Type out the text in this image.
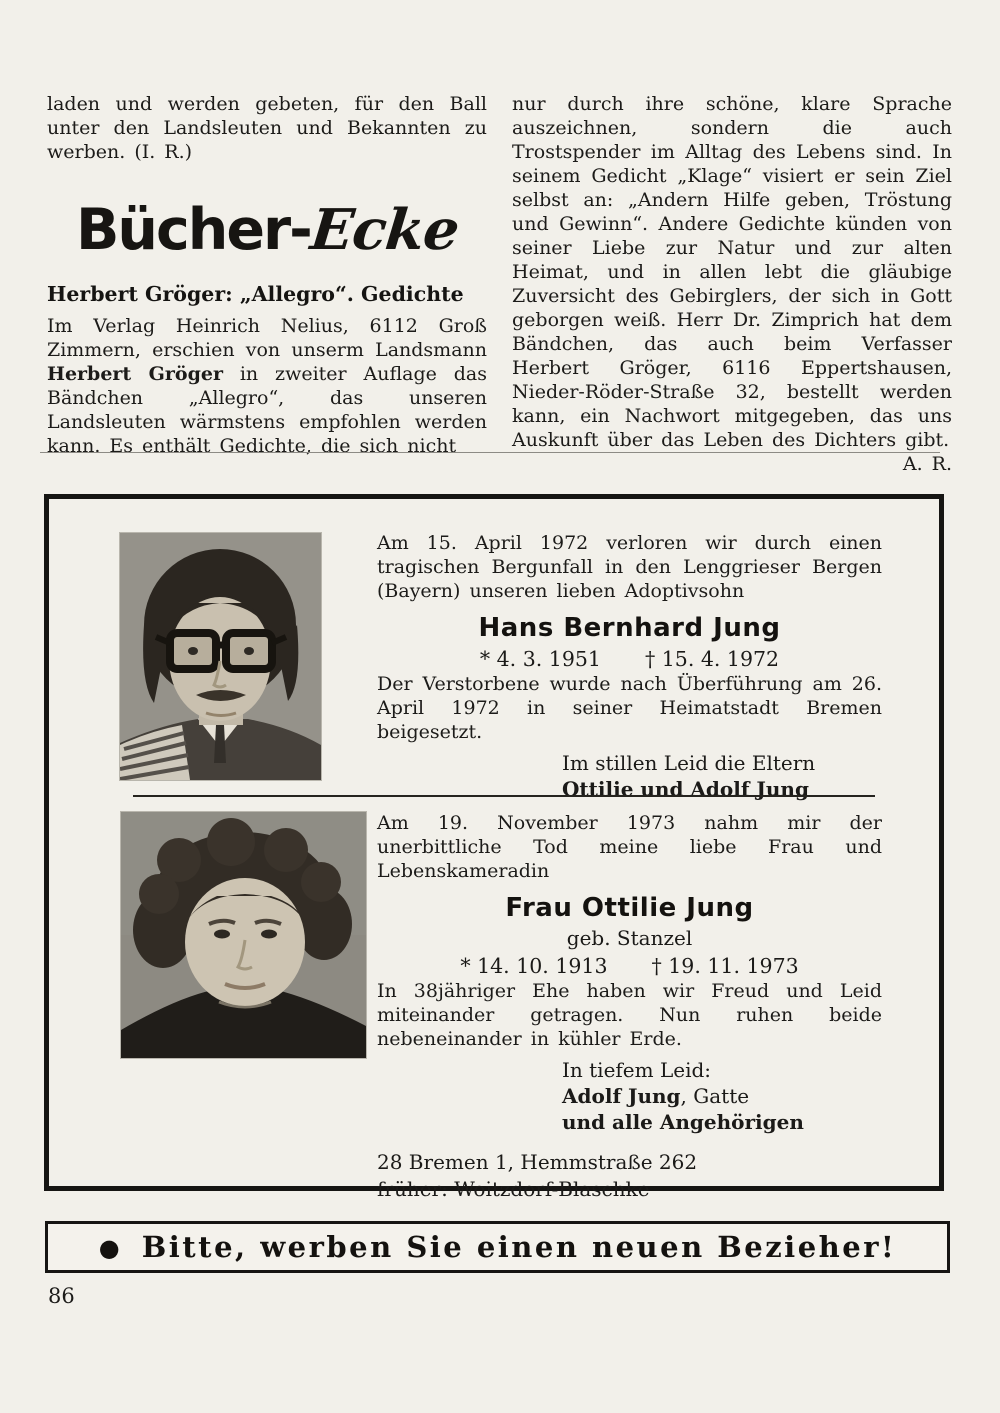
laden und werden gebeten, für den Ball unter den Landsleuten und Bekannten zu werben. (I. R.)

Bücher-Ecke
Herbert Gröger: „Allegro“. Gedichte

Im Verlag Heinrich Nelius, 6112 Groß Zimmern, erschien von unserm Landsmann Herbert Gröger in zweiter Auflage das Bändchen „Allegro“, das unseren Landsleuten wärmstens empfohlen werden kann. Es enthält Gedichte, die sich nicht

nur durch ihre schöne, klare Sprache auszeichnen, sondern die auch Trostspender im Alltag des Lebens sind. In seinem Gedicht „Klage“ visiert er sein Ziel selbst an: „Andern Hilfe geben, Tröstung und Gewinn“. Andere Gedichte künden von seiner Liebe zur Natur und zur alten Heimat, und in allen lebt die gläubige Zuversicht des Gebirglers, der sich in Gott geborgen weiß. Herr Dr. Zimprich hat dem Bändchen, das auch beim Verfasser Herbert Gröger, 6116 Eppertshausen, Nieder-Röder-Straße 32, bestellt werden kann, ein Nachwort mitgegeben, das uns Auskunft über das Leben des Dichters gibt.
A. R.

Am 15. April 1972 verloren wir durch einen tragischen Bergunfall in den Lenggrieser Bergen (Bayern) unseren lieben Adoptivsohn

Hans Bernhard Jung
* 4. 3. 1951 † 15. 4. 1972

Der Verstorbene wurde nach Überführung am 26. April 1972 in seiner Heimatstadt Bremen beigesetzt.

Im stillen Leid die Eltern
Ottilie und Adolf Jung

Am 19. November 1973 nahm mir der unerbittliche Tod meine liebe Frau und Lebenskameradin

Frau Ottilie Jung
geb. Stanzel
* 14. 10. 1913 † 19. 11. 1973

In 38jähriger Ehe haben wir Freud und Leid miteinander getragen. Nun ruhen beide nebeneinander in kühler Erde.

In tiefem Leid:
Adolf Jung, Gatte
und alle Angehörigen
28 Bremen 1, Hemmstraße 262
früher: Woitzdorf-Blaschke
● Bitte, werben Sie einen neuen Bezieher!
86
